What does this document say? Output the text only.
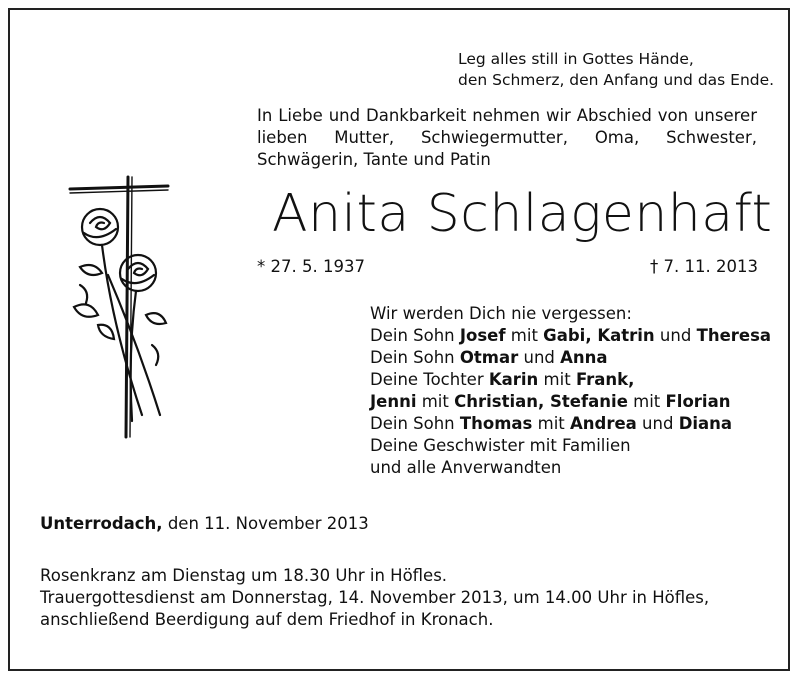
Leg alles still in Gottes Hände,
den Schmerz, den Anfang und das Ende.
In Liebe und Dankbarkeit nehmen wir Abschied von unserer lieben Mutter, Schwiegermutter, Oma, Schwester, Schwägerin, Tante und Patin
Anita Schlagenhaft
* 27. 5. 1937	† 7. 11. 2013
Wir werden Dich nie vergessen:
Dein Sohn Josef mit Gabi, Katrin und Theresa
Dein Sohn Otmar und Anna
Deine Tochter Karin mit Frank,
Jenni mit Christian, Stefanie mit Florian
Dein Sohn Thomas mit Andrea und Diana
Deine Geschwister mit Familien
und alle Anverwandten
Unterrodach, den 11. November 2013
Rosenkranz am Dienstag um 18.30 Uhr in Höfles.
Trauergottesdienst am Donnerstag, 14. November 2013, um 14.00 Uhr in Höfles,
anschließend Beerdigung auf dem Friedhof in Kronach.
